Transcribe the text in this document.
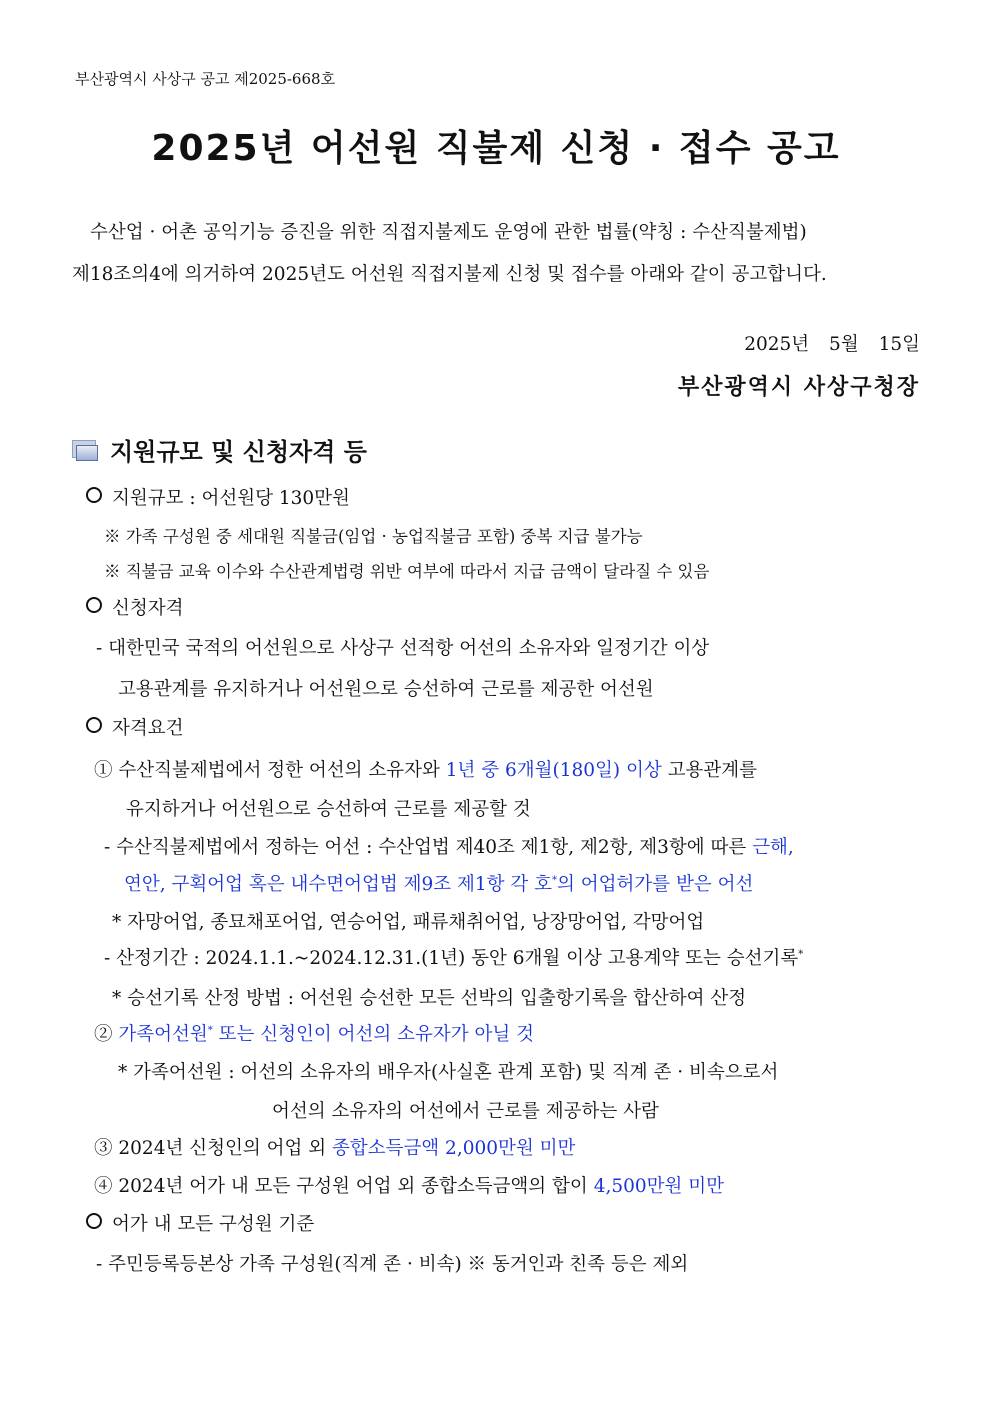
부산광역시 사상구 공고 제2025-668호
2025년 어선원 직불제 신청 · 접수 공고
수산업 · 어촌 공익기능 증진을 위한 직접지불제도 운영에 관한 법률(약칭 : 수산직불제법)
제18조의4에 의거하여 2025년도 어선원 직접지불제 신청 및 접수를 아래와 같이 공고합니다.
2025년 5월 15일
부산광역시 사상구청장
지원규모 및 신청자격 등
지원규모 : 어선원당 130만원
※ 가족 구성원 중 세대원 직불금(임업 · 농업직불금 포함) 중복 지급 불가능
※ 직불금 교육 이수와 수산관계법령 위반 여부에 따라서 지급 금액이 달라질 수 있음
신청자격
- 대한민국 국적의 어선원으로 사상구 선적항 어선의 소유자와 일정기간 이상
고용관계를 유지하거나 어선원으로 승선하여 근로를 제공한 어선원
자격요건
① 수산직불제법에서 정한 어선의 소유자와 1년 중 6개월(180일) 이상 고용관계를
유지하거나 어선원으로 승선하여 근로를 제공할 것
- 수산직불제법에서 정하는 어선 : 수산업법 제40조 제1항, 제2항, 제3항에 따른 근해,
연안, 구획어업 혹은 내수면어업법 제9조 제1항 각 호*의 어업허가를 받은 어선
* 자망어업, 종묘채포어업, 연승어업, 패류채취어업, 낭장망어업, 각망어업
- 산정기간 : 2024.1.1.~2024.12.31.(1년) 동안 6개월 이상 고용계약 또는 승선기록*
* 승선기록 산정 방법 : 어선원 승선한 모든 선박의 입출항기록을 합산하여 산정
② 가족어선원* 또는 신청인이 어선의 소유자가 아닐 것
* 가족어선원 : 어선의 소유자의 배우자(사실혼 관계 포함) 및 직계 존 · 비속으로서
어선의 소유자의 어선에서 근로를 제공하는 사람
③ 2024년 신청인의 어업 외 종합소득금액 2,000만원 미만
④ 2024년 어가 내 모든 구성원 어업 외 종합소득금액의 합이 4,500만원 미만
어가 내 모든 구성원 기준
- 주민등록등본상 가족 구성원(직계 존 · 비속) ※ 동거인과 친족 등은 제외
